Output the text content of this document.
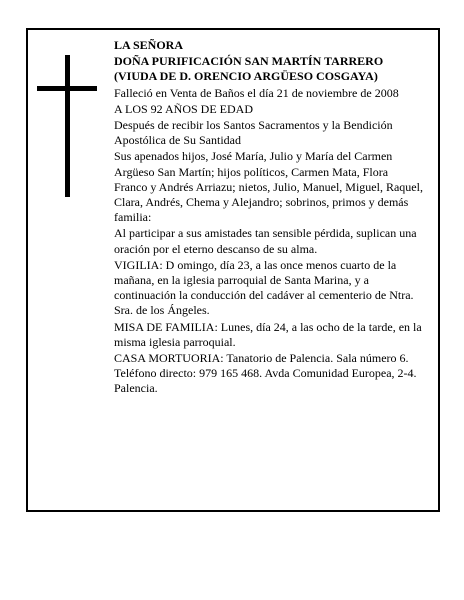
LA SEÑORA

DOÑA PURIFICACIÓN SAN MARTÍN TARRERO (VIUDA DE D. ORENCIO ARGÜESO COSGAYA)

Falleció en Venta de Baños el día 21 de noviembre de 2008

A LOS 92 AÑOS DE EDAD

Después de recibir los Santos Sacramentos y la Bendición Apostólica de Su Santidad

Sus apenados hijos, José María, Julio y María del Carmen Argüeso San Martín; hijos políticos, Carmen Mata, Flora Franco y Andrés Arriazu; nietos, Julio, Manuel, Miguel, Raquel, Clara, Andrés, Chema y Alejandro; sobrinos, primos y demás familia:

Al participar a sus amistades tan sensible pérdida, suplican una oración por el eterno descanso de su alma.

VIGILIA: D omingo, día 23, a las once menos cuarto de la mañana, en la iglesia parroquial de Santa Marina, y a continuación la conducción del cadáver al cementerio de Ntra. Sra. de los Ángeles.

MISA DE FAMILIA: Lunes, día 24, a las ocho de la tarde, en la misma iglesia parroquial.

CASA MORTUORIA: Tanatorio de Palencia. Sala número 6. Teléfono directo: 979 165 468. Avda Comunidad Europea, 2-4. Palencia.
